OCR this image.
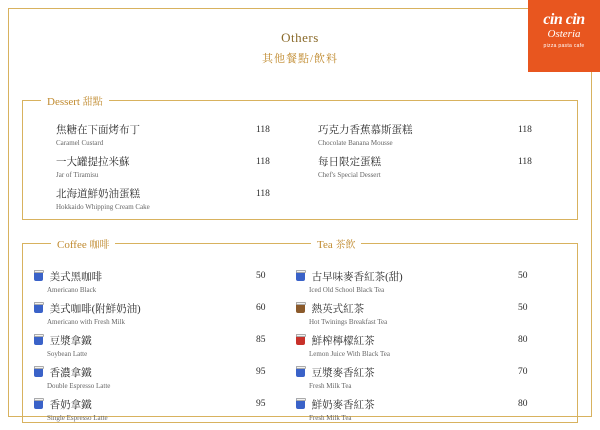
cin cin
Osteria
pizza pasta cafe
Others
其他餐點/飲料
Dessert 甜點
焦糖在下面烤布丁
Caramel Custard
118
一大罐提拉米蘇
Jar of Tiramisu
118
北海道鮮奶油蛋糕
Hokkaido Whipping Cream Cake
118
巧克力香蕉慕斯蛋糕
Chocolate Banana Mousse
118
每日限定蛋糕
Chef's Special Dessert
118
Coffee 咖啡	Tea 茶飲
美式黑咖啡
Americano Black
50
美式咖啡(附鮮奶油)
Americano with Fresh Milk
60
豆漿拿鐵
Soybean Latte
85
香濃拿鐵
Double Espresso Latte
95
香奶拿鐵
Single Espresso Latte
95
古早味麥香紅茶(甜)
Iced Old School Black Tea
50
熱英式紅茶
Hot Twinings Breakfast Tea
50
鮮榨檸檬紅茶
Lemon Juice With Black Tea
80
豆漿麥香紅茶
Fresh Milk Tea
70
鮮奶麥香紅茶
Fresh Milk Tea
80
